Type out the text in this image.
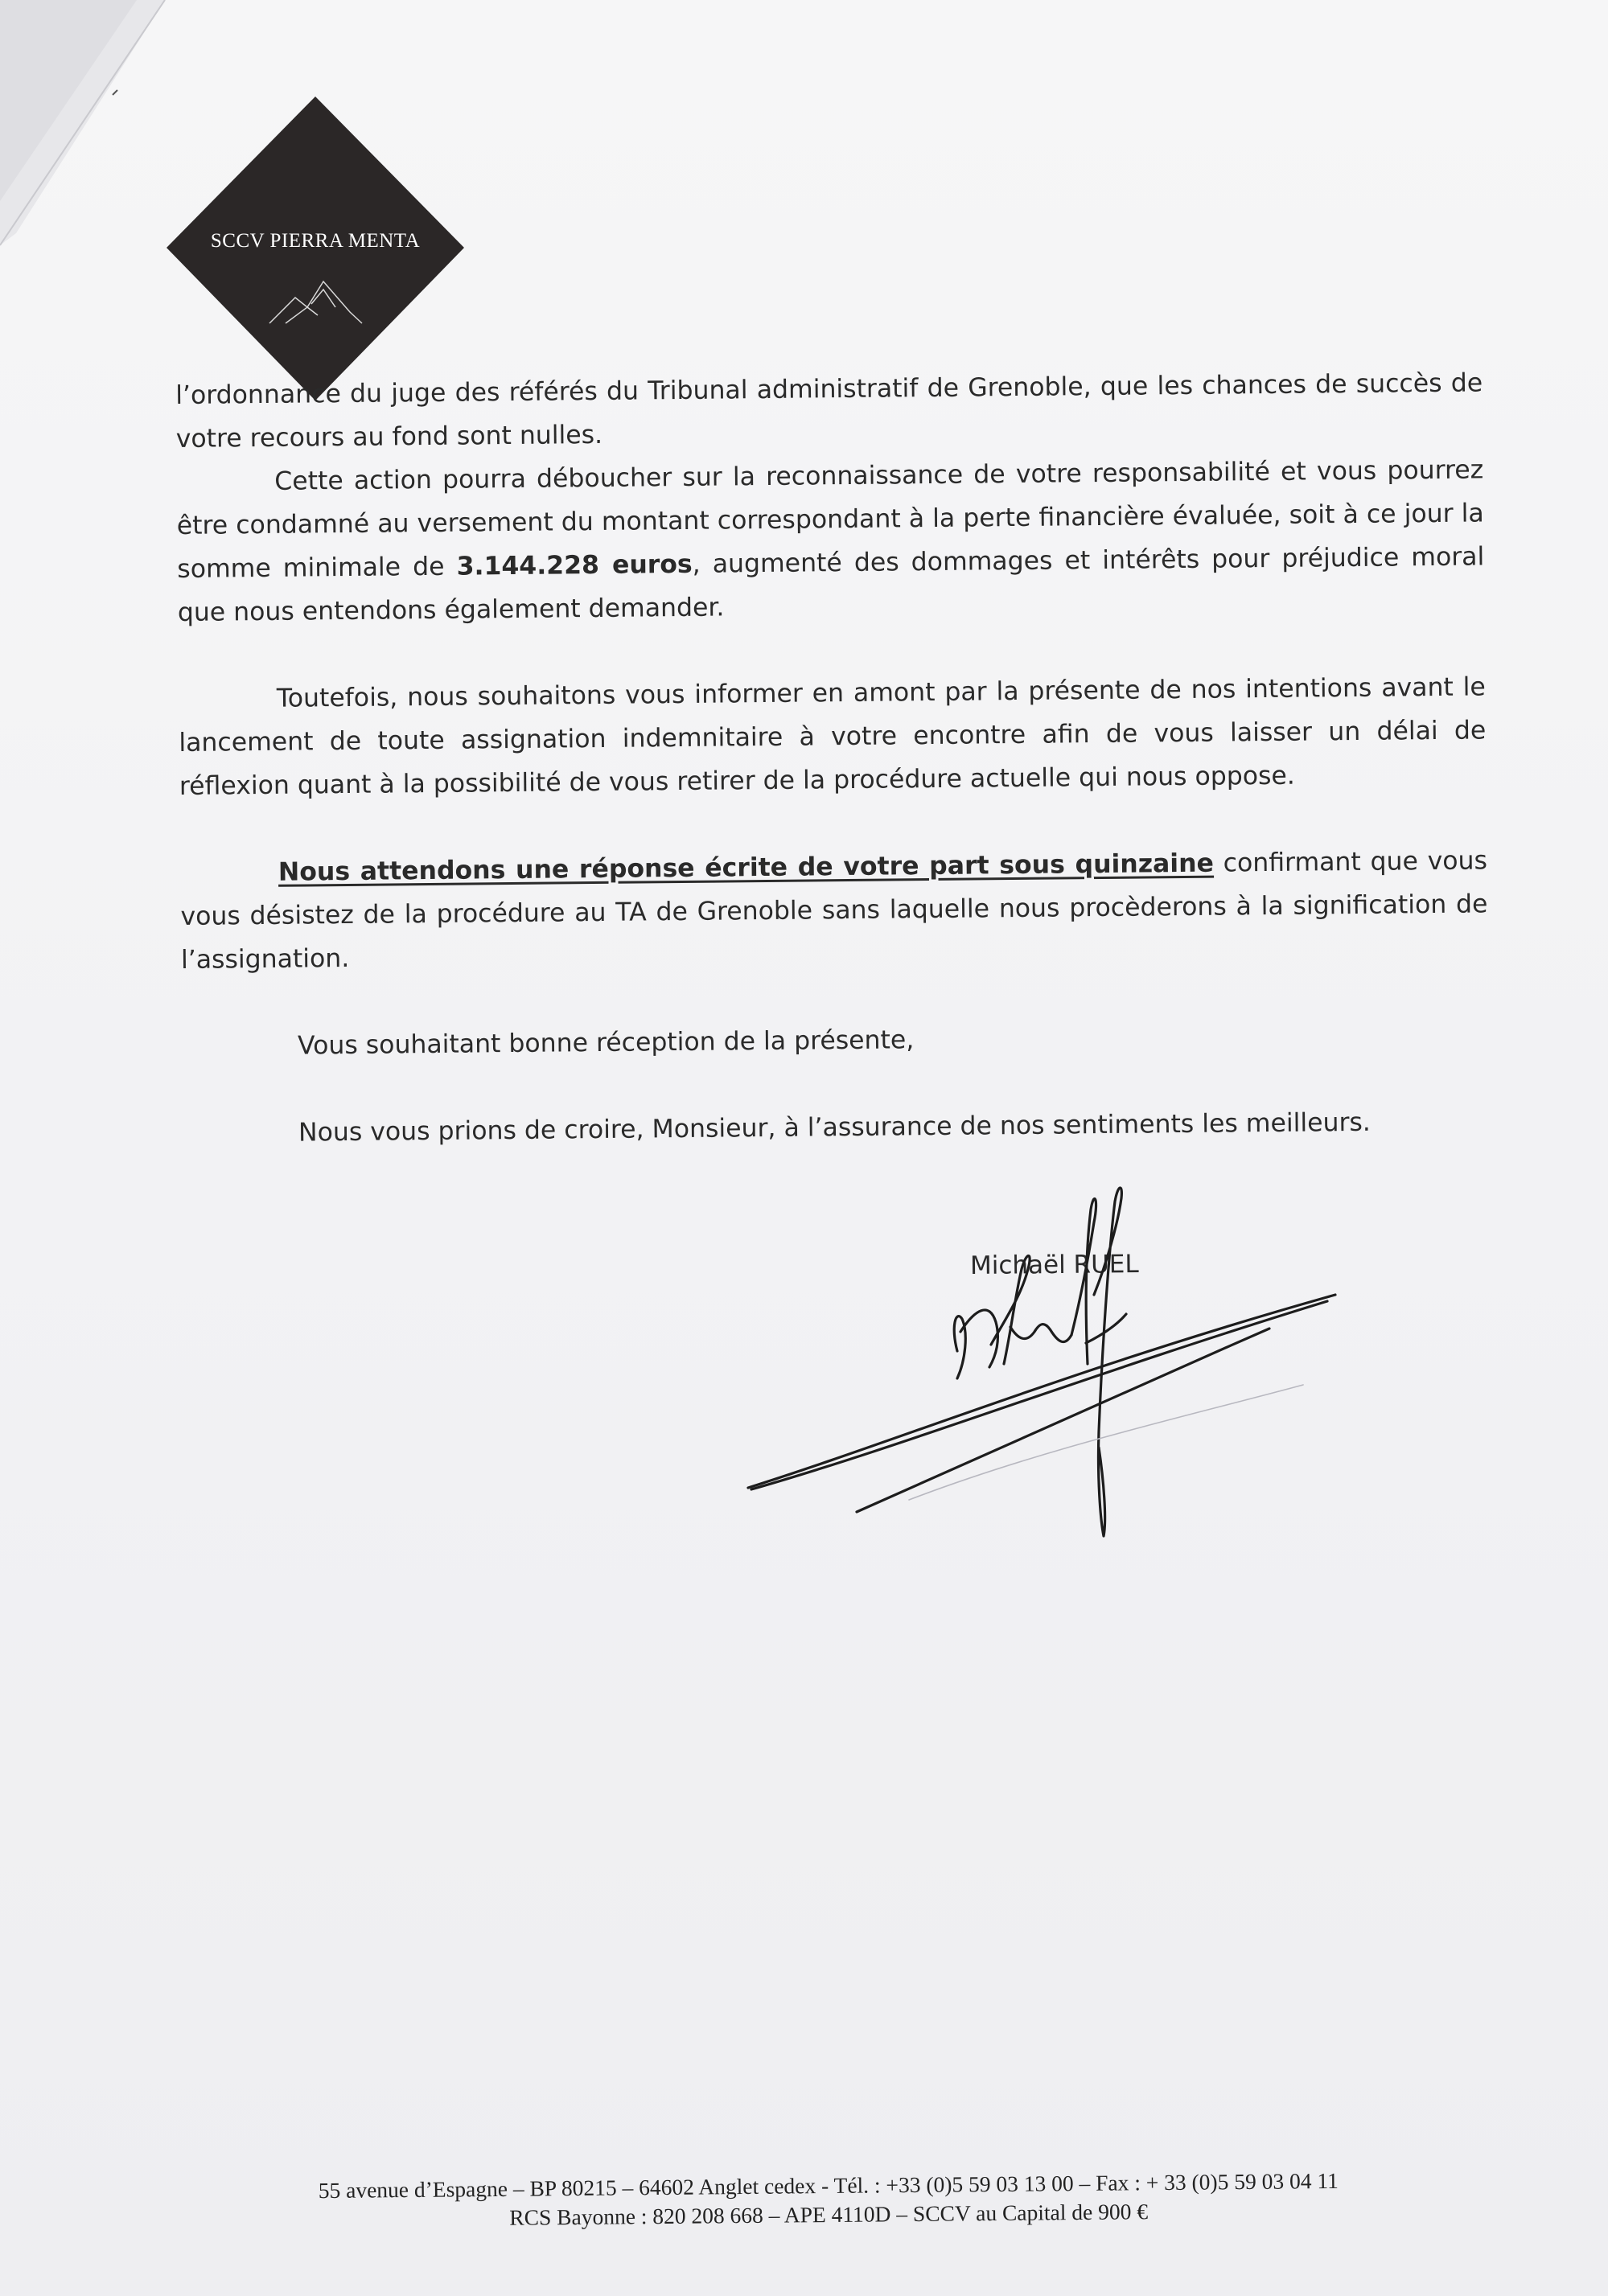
SCCV PIERRA MENTA

l’ordonnance du juge des référés du Tribunal administratif de Grenoble, que les chances de succès de votre recours au fond sont nulles.

Cette action pourra déboucher sur la reconnaissance de votre responsabilité et vous pourrez être condamné au versement du montant correspondant à la perte financière évaluée, soit à ce jour la somme minimale de 3.144.228 euros, augmenté des dommages et intérêts pour préjudice moral que nous entendons également demander.

Toutefois, nous souhaitons vous informer en amont par la présente de nos intentions avant le lancement de toute assignation indemnitaire à votre encontre afin de vous laisser un délai de réflexion quant à la possibilité de vous retirer de la procédure actuelle qui nous oppose.

Nous attendons une réponse écrite de votre part sous quinzaine confirmant que vous vous désistez de la procédure au TA de Grenoble sans laquelle nous procèderons à la signification de l’assignation.

Vous souhaitant bonne réception de la présente,

Nous vous prions de croire, Monsieur, à l’assurance de nos sentiments les meilleurs.

Michaël RUEL
55 avenue d’Espagne – BP 80215 – 64602 Anglet cedex - Tél. : +33 (0)5 59 03 13 00 – Fax : + 33 (0)5 59 03 04 11
RCS Bayonne : 820 208 668 – APE 4110D – SCCV au Capital de 900 €
